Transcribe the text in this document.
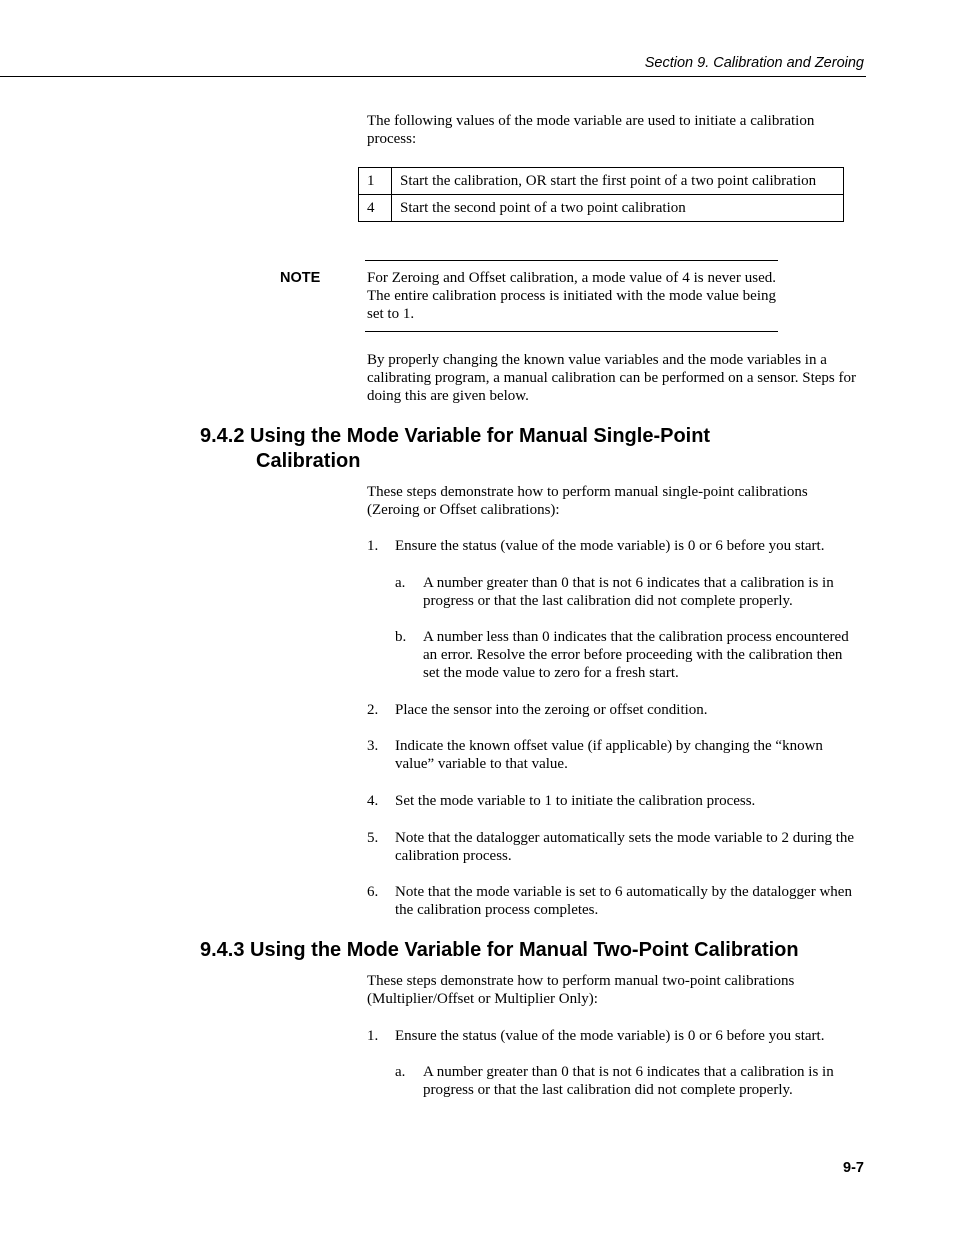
Section 9. Calibration and Zeroing
The following values of the mode variable are used to initiate a calibration process:
1	Start the calibration, OR start the first point of a two point calibration
4	Start the second point of a two point calibration
NOTE	For Zeroing and Offset calibration, a mode value of 4 is never used. The entire calibration process is initiated with the mode value being set to 1.
By properly changing the known value variables and the mode variables in a calibrating program, a manual calibration can be performed on a sensor. Steps for doing this are given below.
9.4.2 Using the Mode Variable for Manual Single-Point
Calibration
These steps demonstrate how to perform manual single-point calibrations (Zeroing or Offset calibrations):
1.	Ensure the status (value of the mode variable) is 0 or 6 before you start.
a.	A number greater than 0 that is not 6 indicates that a calibration is in progress or that the last calibration did not complete properly.
b.	A number less than 0 indicates that the calibration process encountered an error. Resolve the error before proceeding with the calibration then set the mode value to zero for a fresh start.
2.	Place the sensor into the zeroing or offset condition.
3.	Indicate the known offset value (if applicable) by changing the “known value” variable to that value.
4.	Set the mode variable to 1 to initiate the calibration process.
5.	Note that the datalogger automatically sets the mode variable to 2 during the calibration process.
6.	Note that the mode variable is set to 6 automatically by the datalogger when the calibration process completes.
9.4.3 Using the Mode Variable for Manual Two-Point Calibration
These steps demonstrate how to perform manual two-point calibrations (Multiplier/Offset or Multiplier Only):
1.	Ensure the status (value of the mode variable) is 0 or 6 before you start.
a.	A number greater than 0 that is not 6 indicates that a calibration is in progress or that the last calibration did not complete properly.
9-7
